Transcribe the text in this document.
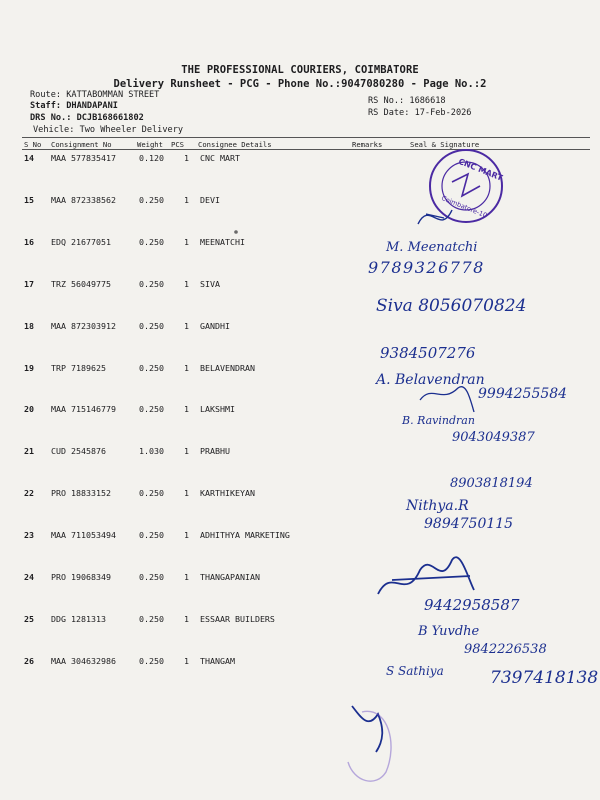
THE PROFESSIONAL COURIERS, COIMBATORE
Delivery Runsheet - PCG - Phone No.:9047080280 - Page No.:2
Route: KATTABOMMAN STREET
Staff: DHANDAPANI
DRS No.: DCJB168661802
Vehicle: Two Wheeler Delivery
RS No.: 1686618
RS Date: 17-Feb-2026
S No Consignment No	Weight PCS Consignee Details	Remarks	Seal & Signature
14 MAA 577835417	0.120 1 CNC MART
15 MAA 872338562	0.250 1 DEVI
16 EDQ 21677051	0.250 1 MEENATCHI
17 TRZ 56049775	0.250 1 SIVA
18 MAA 872303912	0.250 1 GANDHI
19 TRP 7189625	0.250 1 BELAVENDRAN
20 MAA 715146779	0.250 1 LAKSHMI
21 CUD 2545876	1.030 1 PRABHU
22 PRO 18833152	0.250 1 KARTHIKEYAN
23 MAA 711053494	0.250 1 ADHITHYA MARKETING
24 PRO 19068349	0.250 1 THANGAPANIAN
25 DDG 1281313	0.250 1 ESSAAR BUILDERS
26 MAA 304632986	0.250 1 THANGAM
M. Meenatchi
9789326778
Siva 8056070824
9384507276
A. Belavendran
9994255584
B. Ravindran
9043049387
8903818194
Nithya.R
9894750115
9442958587
B Yuvdhe
9842226538
S Sathiya	7397418138
CNC MART
Coimbatore-10
